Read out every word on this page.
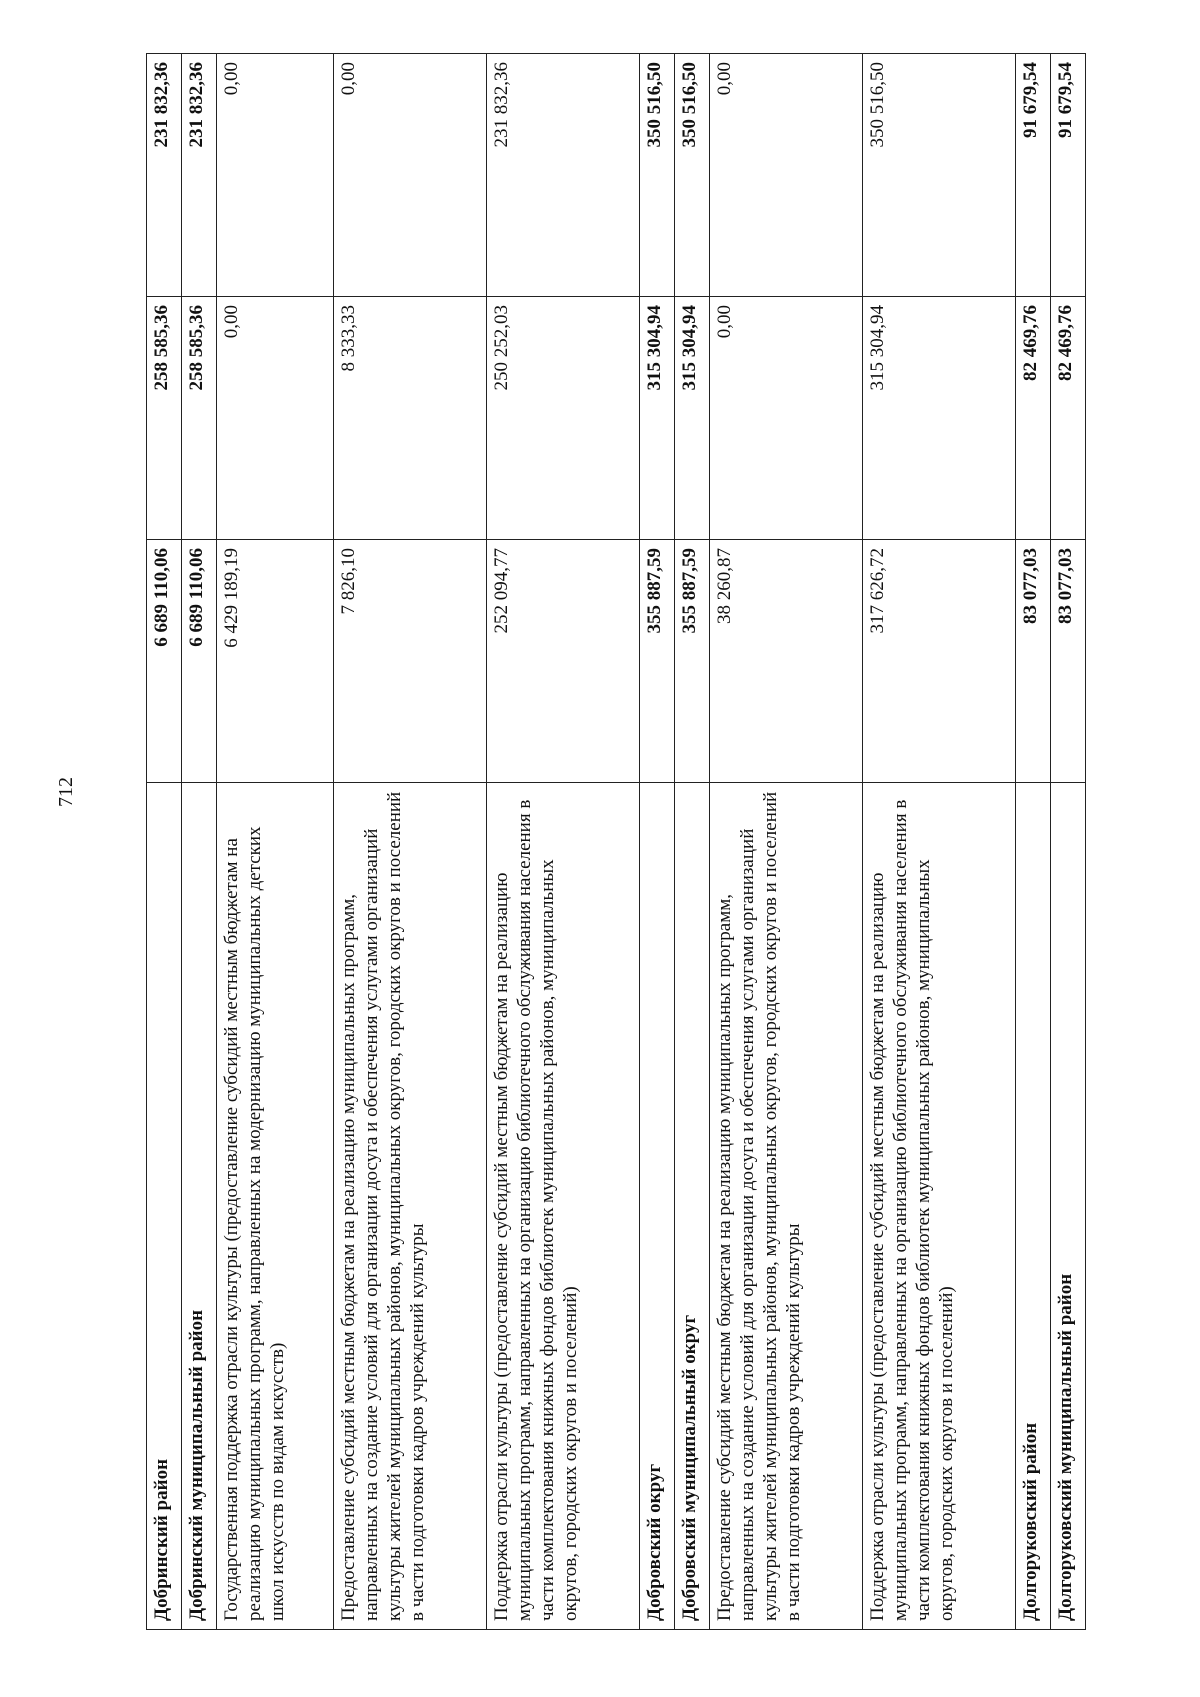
712
Добринский район	6 689 110,06	258 585,36	231 832,36
Добринский муниципальный район	6 689 110,06	258 585,36	231 832,36
Государственная поддержка отрасли культуры (предоставление субсидий местным бюджетам на реализацию муниципальных программ, направленных на модернизацию муниципальных детских школ искусств по видам искусств)	6 429 189,19	0,00	0,00
Предоставление субсидий местным бюджетам на реализацию муниципальных программ, направленных на создание условий для организации досуга и обеспечения услугами организаций культуры жителей муниципальных районов, муниципальных округов, городских округов и поселений в части подготовки кадров учреждений культуры	7 826,10	8 333,33	0,00
Поддержка отрасли культуры (предоставление субсидий местным бюджетам на реализацию муниципальных программ, направленных на организацию библиотечного обслуживания населения в части комплектования книжных фондов библиотек муниципальных районов, муниципальных округов, городских округов и поселений)	252 094,77	250 252,03	231 832,36
Добровский округ	355 887,59	315 304,94	350 516,50
Добровский муниципальный округ	355 887,59	315 304,94	350 516,50
Предоставление субсидий местным бюджетам на реализацию муниципальных программ, направленных на создание условий для организации досуга и обеспечения услугами организаций культуры жителей муниципальных районов, муниципальных округов, городских округов и поселений в части подготовки кадров учреждений культуры	38 260,87	0,00	0,00
Поддержка отрасли культуры (предоставление субсидий местным бюджетам на реализацию муниципальных программ, направленных на организацию библиотечного обслуживания населения в части комплектования книжных фондов библиотек муниципальных районов, муниципальных округов, городских округов и поселений)	317 626,72	315 304,94	350 516,50
Долгоруковский район	83 077,03	82 469,76	91 679,54
Долгоруковский муниципальный район	83 077,03	82 469,76	91 679,54
